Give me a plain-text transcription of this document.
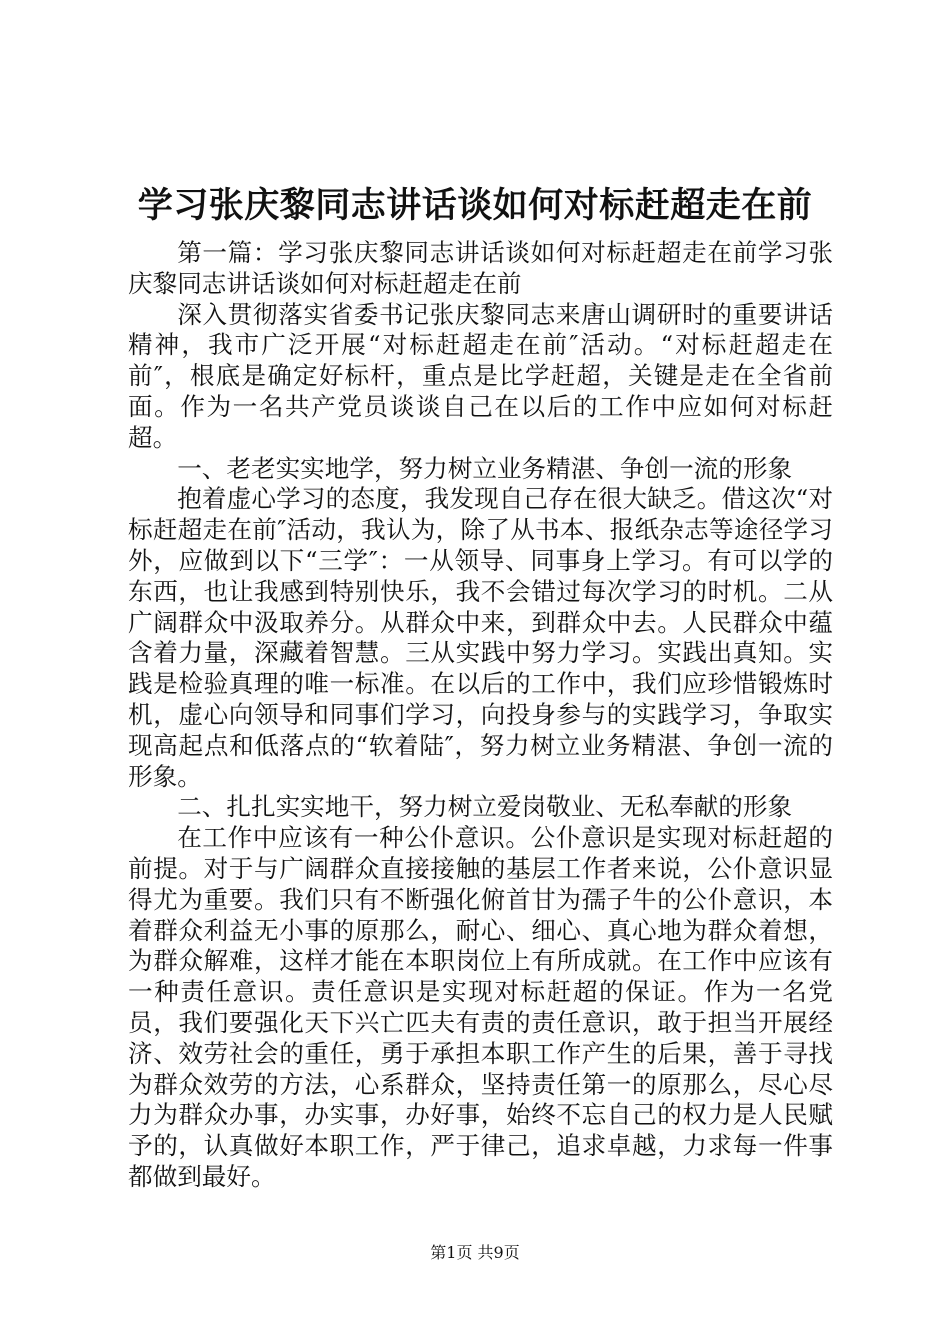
学习张庆黎同志讲话谈如何对标赶超走在前

第一篇：学习张庆黎同志讲话谈如何对标赶超走在前学习张庆黎同志讲话谈如何对标赶超走在前

深入贯彻落实省委书记张庆黎同志来唐山调研时的重要讲话精神，我市广泛开展“对标赶超走在前″活动。“对标赶超走在前″，根底是确定好标杆，重点是比学赶超，关键是走在全省前面。作为一名共产党员谈谈自己在以后的工作中应如何对标赶超。

一、老老实实地学，努力树立业务精湛、争创一流的形象

抱着虚心学习的态度，我发现自己存在很大缺乏。借这次“对标赶超走在前″活动，我认为，除了从书本、报纸杂志等途径学习外，应做到以下“三学″：一从领导、同事身上学习。有可以学的东西，也让我感到特别快乐，我不会错过每次学习的时机。二从广阔群众中汲取养分。从群众中来，到群众中去。人民群众中蕴含着力量，深藏着智慧。三从实践中努力学习。实践出真知。实践是检验真理的唯一标准。在以后的工作中，我们应珍惜锻炼时机，虚心向领导和同事们学习，向投身参与的实践学习，争取实现高起点和低落点的“软着陆″，努力树立业务精湛、争创一流的形象。

二、扎扎实实地干，努力树立爱岗敬业、无私奉献的形象

在工作中应该有一种公仆意识。公仆意识是实现对标赶超的前提。对于与广阔群众直接接触的基层工作者来说，公仆意识显得尤为重要。我们只有不断强化俯首甘为孺子牛的公仆意识，本着群众利益无小事的原那么，耐心、细心、真心地为群众着想，为群众解难，这样才能在本职岗位上有所成就。在工作中应该有一种责任意识。责任意识是实现对标赶超的保证。作为一名党员，我们要强化天下兴亡匹夫有责的责任意识，敢于担当开展经济、效劳社会的重任，勇于承担本职工作产生的后果，善于寻找为群众效劳的方法，心系群众，坚持责任第一的原那么，尽心尽力为群众办事，办实事，办好事，始终不忘自己的权力是人民赋予的，认真做好本职工作，严于律己，追求卓越，力求每一件事都做到最好。

第1页 共9页
